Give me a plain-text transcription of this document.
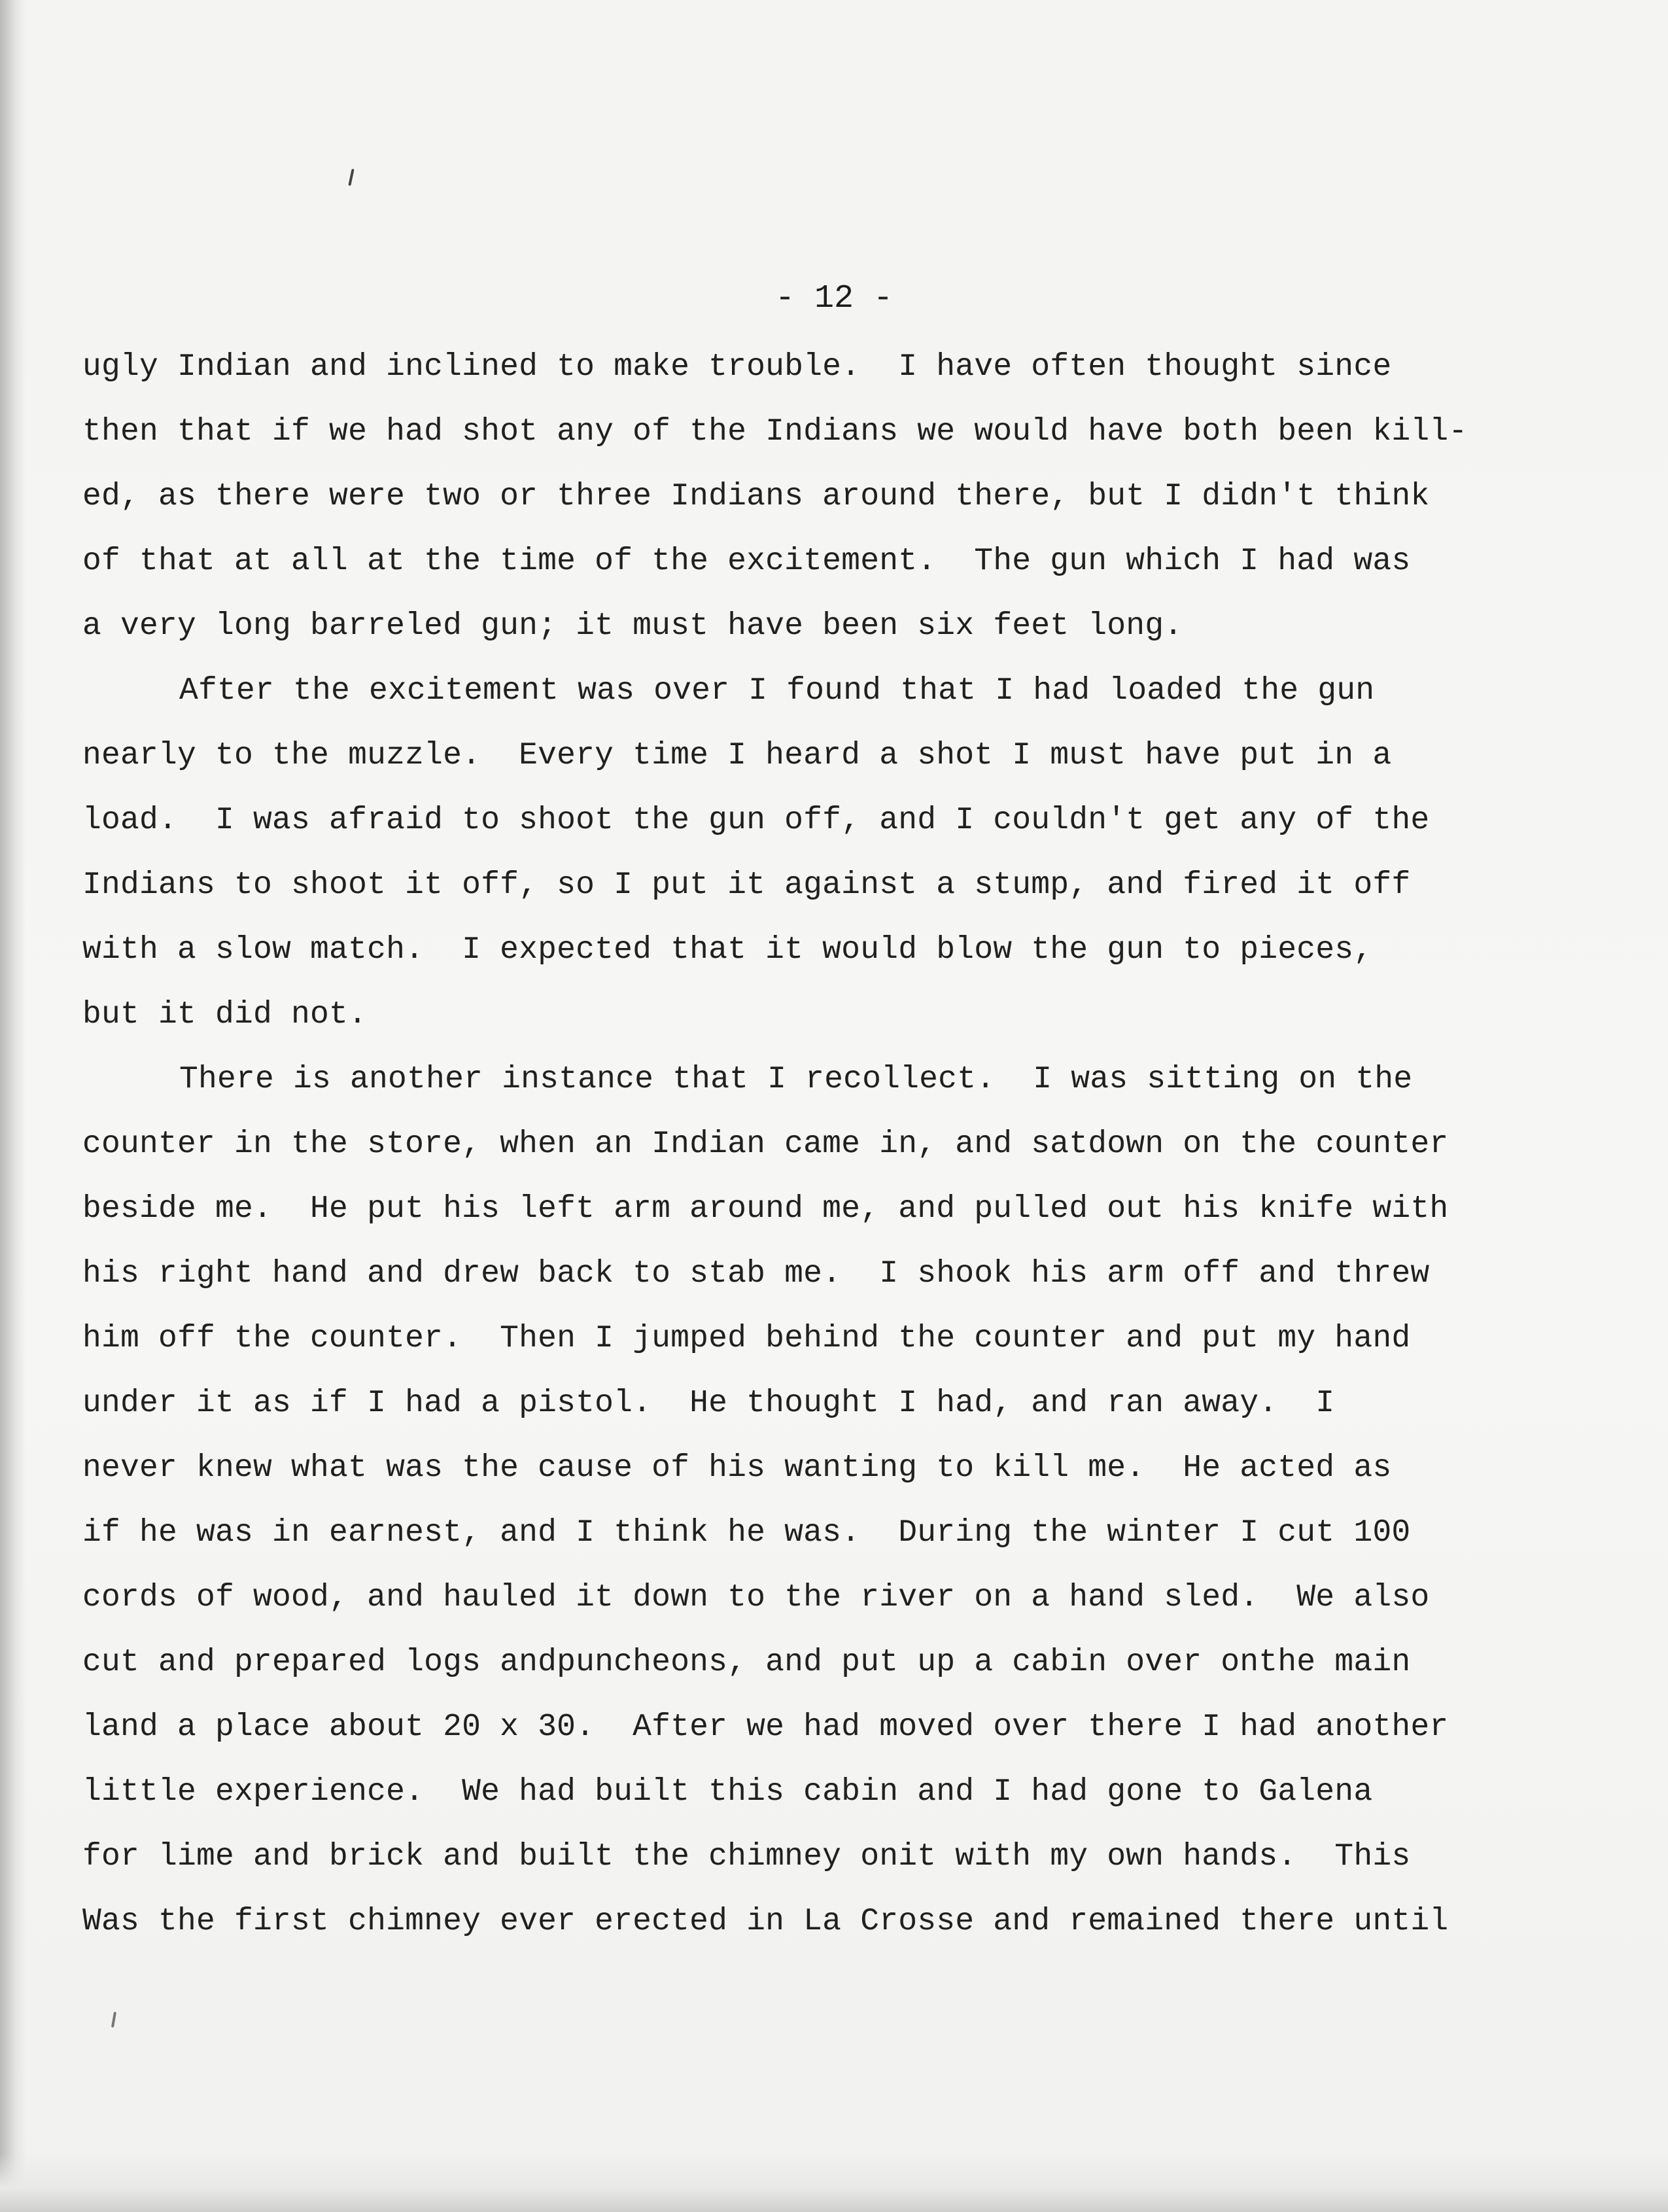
- 12 -

ugly Indian and inclined to make trouble.  I have often thought since
then that if we had shot any of the Indians we would have both been kill-
ed, as there were two or three Indians around there, but I didn't think
of that at all at the time of the excitement.  The gun which I had was
a very long barreled gun; it must have been six feet long.
After the excitement was over I found that I had loaded the gun
nearly to the muzzle.  Every time I heard a shot I must have put in a
load.  I was afraid to shoot the gun off, and I couldn't get any of the
Indians to shoot it off, so I put it against a stump, and fired it off
with a slow match.  I expected that it would blow the gun to pieces,
but it did not.
There is another instance that I recollect.  I was sitting on the
counter in the store, when an Indian came in, and satdown on the counter
beside me.  He put his left arm around me, and pulled out his knife with
his right hand and drew back to stab me.  I shook his arm off and threw
him off the counter.  Then I jumped behind the counter and put my hand
under it as if I had a pistol.  He thought I had, and ran away.  I
never knew what was the cause of his wanting to kill me.  He acted as
if he was in earnest, and I think he was.  During the winter I cut 100
cords of wood, and hauled it down to the river on a hand sled.  We also
cut and prepared logs andpuncheons, and put up a cabin over onthe main
land a place about 20 x 30.  After we had moved over there I had another
little experience.  We had built this cabin and I had gone to Galena
for lime and brick and built the chimney onit with my own hands.  This
Was the first chimney ever erected in La Crosse and remained there until
